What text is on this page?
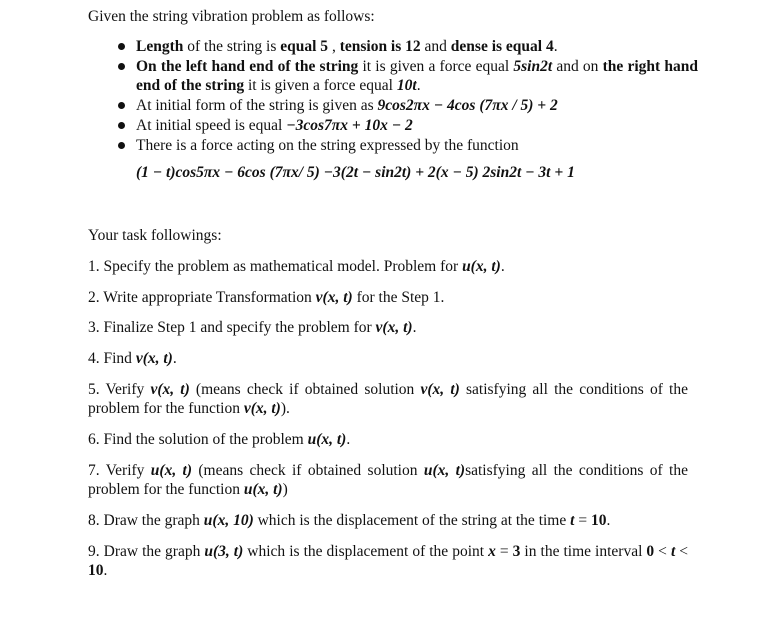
Given the string vibration problem as follows:
Length of the string is equal 5 , tension is 12 and dense is equal 4.
On the left hand end of the string it is given a force equal 5sin2t and on the right hand end of the string it is given a force equal 10t.
At initial form of the string is given as 9cos2πx − 4cos (7πx / 5) + 2
At initial speed is equal −3cos7πx + 10x − 2
There is a force acting on the string expressed by the function
(1 − t)cos5πx − 6cos (7πx/ 5) −3(2t − sin2t) + 2(x − 5) 2sin2t − 3t + 1
Your task followings:
1. Specify the problem as mathematical model. Problem for u(x, t).
2. Write appropriate Transformation v(x, t) for the Step 1.
3. Finalize Step 1 and specify the problem for v(x, t).
4. Find v(x, t).
5. Verify v(x, t) (means check if obtained solution v(x, t) satisfying all the conditions of the problem for the function v(x, t)).
6. Find the solution of the problem u(x, t).
7. Verify u(x, t) (means check if obtained solution u(x, t)satisfying all the conditions of the problem for the function u(x, t))
8. Draw the graph u(x, 10) which is the displacement of the string at the time t = 10.
9. Draw the graph u(3, t) which is the displacement of the point x = 3 in the time interval 0 < t < 10.
